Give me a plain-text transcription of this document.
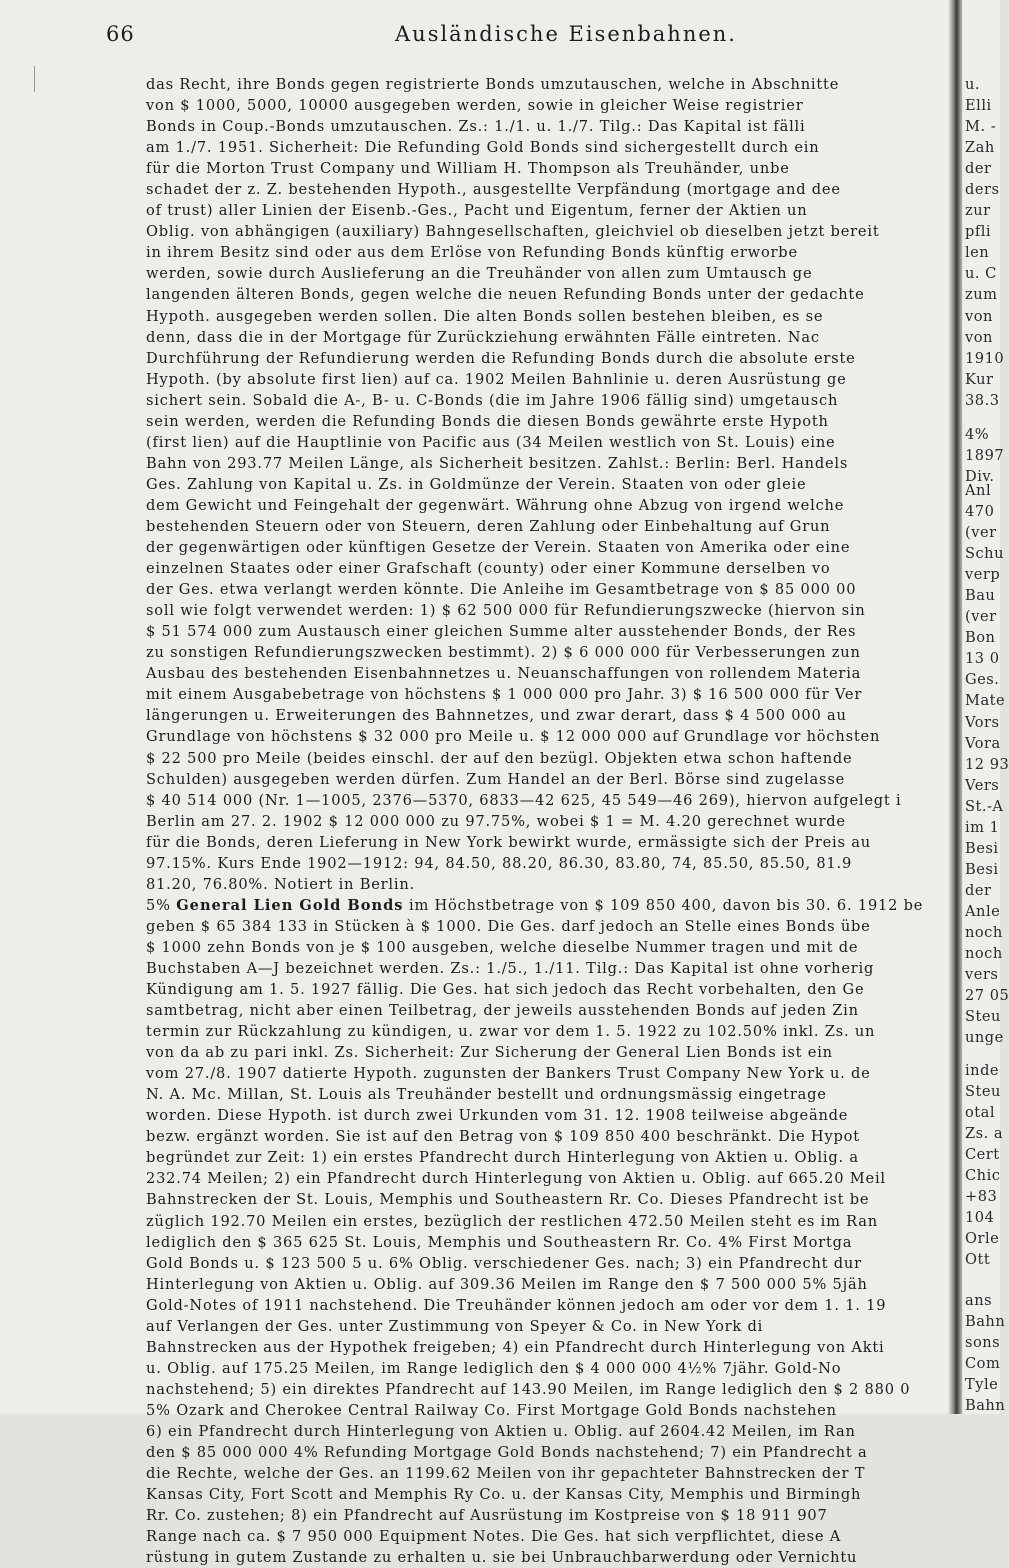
66	Ausländische Eisenbahnen.
das Recht, ihre Bonds gegen registrierte Bonds umzutauschen, welche in Abschnitte
von $ 1000, 5000, 10000 ausgegeben werden, sowie in gleicher Weise registrier
Bonds in Coup.-Bonds umzutauschen. Zs.: 1./1. u. 1./7. Tilg.: Das Kapital ist fälli
am 1./7. 1951. Sicherheit: Die Refunding Gold Bonds sind sichergestellt durch ein
für die Morton Trust Company und William H. Thompson als Treuhänder, unbe
schadet der z. Z. bestehenden Hypoth., ausgestellte Verpfändung (mortgage and dee
of trust) aller Linien der Eisenb.-Ges., Pacht und Eigentum, ferner der Aktien un
Oblig. von abhängigen (auxiliary) Bahngesellschaften, gleichviel ob dieselben jetzt bereit
in ihrem Besitz sind oder aus dem Erlöse von Refunding Bonds künftig erworbe
werden, sowie durch Auslieferung an die Treuhänder von allen zum Umtausch ge
langenden älteren Bonds, gegen welche die neuen Refunding Bonds unter der gedachte
Hypoth. ausgegeben werden sollen. Die alten Bonds sollen bestehen bleiben, es se
denn, dass die in der Mortgage für Zurückziehung erwähnten Fälle eintreten. Nac
Durchführung der Refundierung werden die Refunding Bonds durch die absolute erste
Hypoth. (by absolute first lien) auf ca. 1902 Meilen Bahnlinie u. deren Ausrüstung ge
sichert sein. Sobald die A-, B- u. C-Bonds (die im Jahre 1906 fällig sind) umgetausch
sein werden, werden die Refunding Bonds die diesen Bonds gewährte erste Hypoth
(first lien) auf die Hauptlinie von Pacific aus (34 Meilen westlich von St. Louis) eine
Bahn von 293.77 Meilen Länge, als Sicherheit besitzen. Zahlst.: Berlin: Berl. Handels
Ges. Zahlung von Kapital u. Zs. in Goldmünze der Verein. Staaten von oder gleie
dem Gewicht und Feingehalt der gegenwärt. Währung ohne Abzug von irgend welche
bestehenden Steuern oder von Steuern, deren Zahlung oder Einbehaltung auf Grun
der gegenwärtigen oder künftigen Gesetze der Verein. Staaten von Amerika oder eine
einzelnen Staates oder einer Grafschaft (county) oder einer Kommune derselben vo
der Ges. etwa verlangt werden könnte. Die Anleihe im Gesamtbetrage von $ 85 000 00
soll wie folgt verwendet werden: 1) $ 62 500 000 für Refundierungszwecke (hiervon sin
$ 51 574 000 zum Austausch einer gleichen Summe alter ausstehender Bonds, der Res
zu sonstigen Refundierungszwecken bestimmt). 2) $ 6 000 000 für Verbesserungen zun
Ausbau des bestehenden Eisenbahnnetzes u. Neuanschaffungen von rollendem Materia
mit einem Ausgabebetrage von höchstens $ 1 000 000 pro Jahr. 3) $ 16 500 000 für Ver
längerungen u. Erweiterungen des Bahnnetzes, und zwar derart, dass $ 4 500 000 au
Grundlage von höchstens $ 32 000 pro Meile u. $ 12 000 000 auf Grundlage vor höchsten
$ 22 500 pro Meile (beides einschl. der auf den bezügl. Objekten etwa schon haftende
Schulden) ausgegeben werden dürfen. Zum Handel an der Berl. Börse sind zugelasse
$ 40 514 000 (Nr. 1—1005, 2376—5370, 6833—42 625, 45 549—46 269), hiervon aufgelegt i
Berlin am 27. 2. 1902 $ 12 000 000 zu 97.75%, wobei $ 1 = M. 4.20 gerechnet wurde
für die Bonds, deren Lieferung in New York bewirkt wurde, ermässigte sich der Preis au
97.15%. Kurs Ende 1902—1912: 94, 84.50, 88.20, 86.30, 83.80, 74, 85.50, 85.50, 81.9
81.20, 76.80%. Notiert in Berlin.
5% General Lien Gold Bonds im Höchstbetrage von $ 109 850 400, davon bis 30. 6. 1912 be
geben $ 65 384 133 in Stücken à $ 1000. Die Ges. darf jedoch an Stelle eines Bonds übe
$ 1000 zehn Bonds von je $ 100 ausgeben, welche dieselbe Nummer tragen und mit de
Buchstaben A—J bezeichnet werden. Zs.: 1./5., 1./11. Tilg.: Das Kapital ist ohne vorherig
Kündigung am 1. 5. 1927 fällig. Die Ges. hat sich jedoch das Recht vorbehalten, den Ge
samtbetrag, nicht aber einen Teilbetrag, der jeweils ausstehenden Bonds auf jeden Zin
termin zur Rückzahlung zu kündigen, u. zwar vor dem 1. 5. 1922 zu 102.50% inkl. Zs. un
von da ab zu pari inkl. Zs. Sicherheit: Zur Sicherung der General Lien Bonds ist ein
vom 27./8. 1907 datierte Hypoth. zugunsten der Bankers Trust Company New York u. de
N. A. Mc. Millan, St. Louis als Treuhänder bestellt und ordnungsmässig eingetrage
worden. Diese Hypoth. ist durch zwei Urkunden vom 31. 12. 1908 teilweise abgeände
bezw. ergänzt worden. Sie ist auf den Betrag von $ 109 850 400 beschränkt. Die Hypot
begründet zur Zeit: 1) ein erstes Pfandrecht durch Hinterlegung von Aktien u. Oblig. a
232.74 Meilen; 2) ein Pfandrecht durch Hinterlegung von Aktien u. Oblig. auf 665.20 Meil
Bahnstrecken der St. Louis, Memphis und Southeastern Rr. Co. Dieses Pfandrecht ist be
züglich 192.70 Meilen ein erstes, bezüglich der restlichen 472.50 Meilen steht es im Ran
lediglich den $ 365 625 St. Louis, Memphis und Southeastern Rr. Co. 4% First Mortga
Gold Bonds u. $ 123 500 5 u. 6% Oblig. verschiedener Ges. nach; 3) ein Pfandrecht dur
Hinterlegung von Aktien u. Oblig. auf 309.36 Meilen im Range den $ 7 500 000 5% 5jäh
Gold-Notes of 1911 nachstehend. Die Treuhänder können jedoch am oder vor dem 1. 1. 19
auf Verlangen der Ges. unter Zustimmung von Speyer & Co. in New York di
Bahnstrecken aus der Hypothek freigeben; 4) ein Pfandrecht durch Hinterlegung von Akti
u. Oblig. auf 175.25 Meilen, im Range lediglich den $ 4 000 000 4½% 7jähr. Gold-No
nachstehend; 5) ein direktes Pfandrecht auf 143.90 Meilen, im Range lediglich den $ 2 880 0
5% Ozark and Cherokee Central Railway Co. First Mortgage Gold Bonds nachstehen
6) ein Pfandrecht durch Hinterlegung von Aktien u. Oblig. auf 2604.42 Meilen, im Ran
den $ 85 000 000 4% Refunding Mortgage Gold Bonds nachstehend; 7) ein Pfandrecht a
die Rechte, welche der Ges. an 1199.62 Meilen von ihr gepachteter Bahnstrecken der T
Kansas City, Fort Scott and Memphis Ry Co. u. der Kansas City, Memphis und Birmingh
Rr. Co. zustehen; 8) ein Pfandrecht auf Ausrüstung im Kostpreise von $ 18 911 907
Range nach ca. $ 7 950 000 Equipment Notes. Die Ges. hat sich verpflichtet, diese A
rüstung in gutem Zustande zu erhalten u. sie bei Unbrauchbarwerdung oder Vernichtu
u.
Elli
M. -
Zah
der
ders
zur
pfli
len
u. C
zum
von
von
1910
Kur
38.3
4%
1897
Div.
Anl
470
(ver
Schu
verp
Bau
(ver
Bon
13 0
Ges.
Mate
Vors
Vora
12 93
Vers
St.-A
im 1
Besi
Besi
der
Anle
noch
noch
vers
27 05
Steu
unge
inde
Steu
otal
Zs. a
Cert
Chic
+83
104
Orle
Ott
ans
Bahn
sons
Com
Tyle
Bahn
